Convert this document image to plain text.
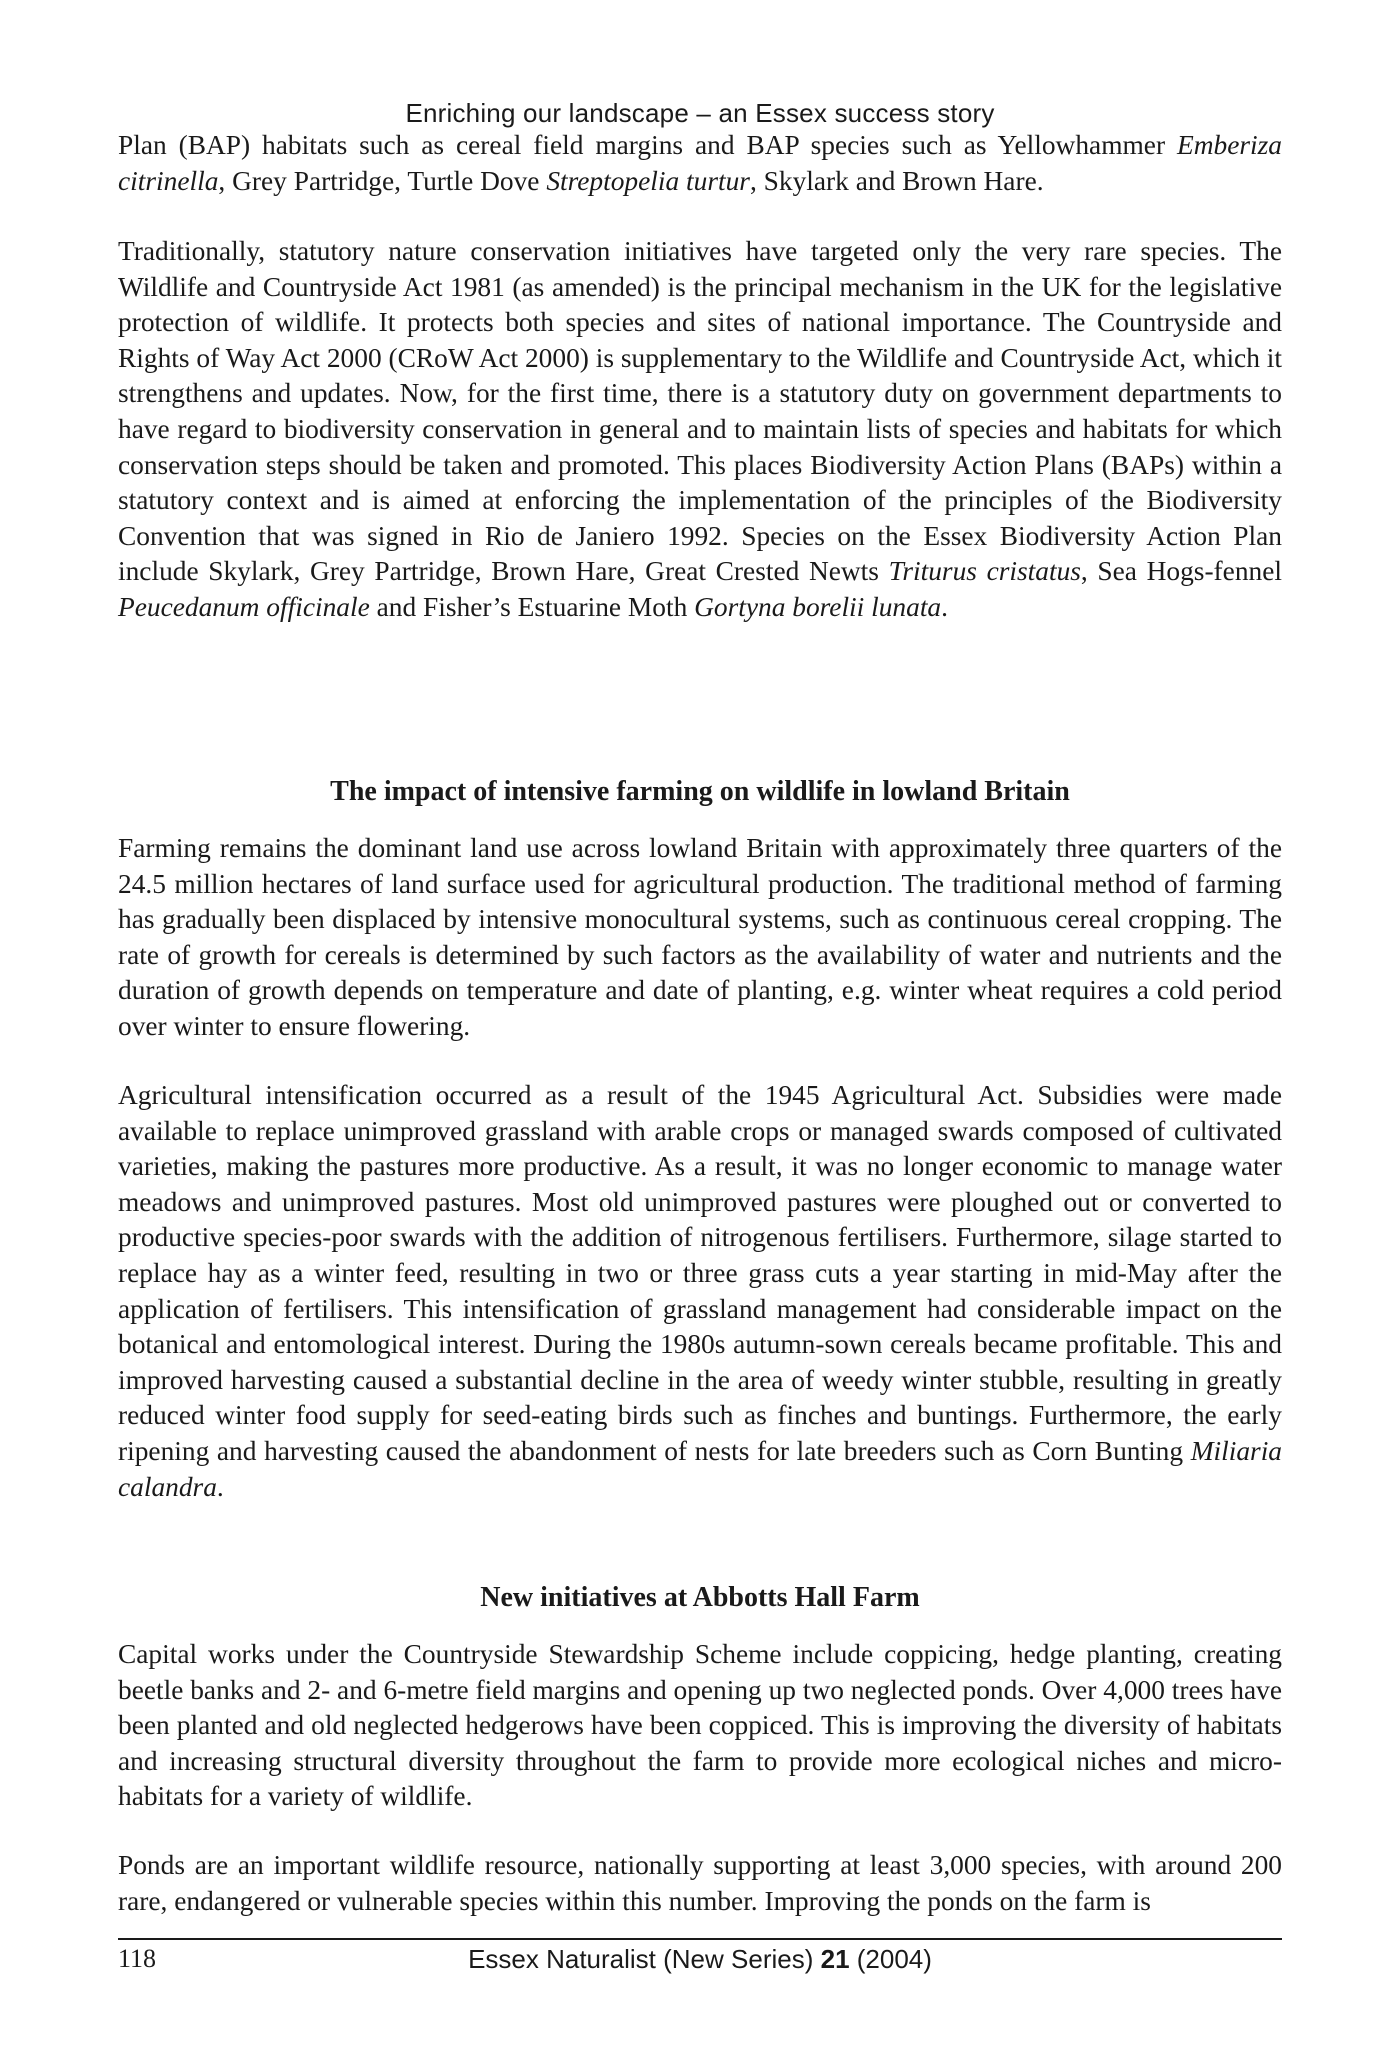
Enriching our landscape – an Essex success story

Plan (BAP) habitats such as cereal field margins and BAP species such as Yellowhammer Emberiza citrinella, Grey Partridge, Turtle Dove Streptopelia turtur, Skylark and Brown Hare.

Traditionally, statutory nature conservation initiatives have targeted only the very rare species. The Wildlife and Countryside Act 1981 (as amended) is the principal mechanism in the UK for the legislative protection of wildlife. It protects both species and sites of national importance. The Countryside and Rights of Way Act 2000 (CRoW Act 2000) is supplementary to the Wildlife and Countryside Act, which it strengthens and updates. Now, for the first time, there is a statutory duty on government departments to have regard to biodiversity conservation in general and to maintain lists of species and habitats for which conservation steps should be taken and promoted. This places Biodiversity Action Plans (BAPs) within a statutory context and is aimed at enforcing the implementation of the principles of the Biodiversity Convention that was signed in Rio de Janiero 1992. Species on the Essex Biodiversity Action Plan include Skylark, Grey Partridge, Brown Hare, Great Crested Newts Triturus cristatus, Sea Hogs-fennel Peucedanum officinale and Fisher’s Estuarine Moth Gortyna borelii lunata.

The impact of intensive farming on wildlife in lowland Britain

Farming remains the dominant land use across lowland Britain with approximately three quarters of the 24.5 million hectares of land surface used for agricultural production. The traditional method of farming has gradually been displaced by intensive monocultural systems, such as continuous cereal cropping. The rate of growth for cereals is determined by such factors as the availability of water and nutrients and the duration of growth depends on temperature and date of planting, e.g. winter wheat requires a cold period over winter to ensure flowering.

Agricultural intensification occurred as a result of the 1945 Agricultural Act. Subsidies were made available to replace unimproved grassland with arable crops or managed swards composed of cultivated varieties, making the pastures more productive. As a result, it was no longer economic to manage water meadows and unimproved pastures. Most old unimproved pastures were ploughed out or converted to productive species-poor swards with the addition of nitrogenous fertilisers. Furthermore, silage started to replace hay as a winter feed, resulting in two or three grass cuts a year starting in mid-May after the application of fertilisers. This intensification of grassland management had considerable impact on the botanical and entomological interest. During the 1980s autumn-sown cereals became profitable. This and improved harvesting caused a substantial decline in the area of weedy winter stubble, resulting in greatly reduced winter food supply for seed-eating birds such as finches and buntings. Furthermore, the early ripening and harvesting caused the abandonment of nests for late breeders such as Corn Bunting Miliaria calandra.

New initiatives at Abbotts Hall Farm

Capital works under the Countryside Stewardship Scheme include coppicing, hedge planting, creating beetle banks and 2- and 6-metre field margins and opening up two neglected ponds. Over 4,000 trees have been planted and old neglected hedgerows have been coppiced. This is improving the diversity of habitats and increasing structural diversity throughout the farm to provide more ecological niches and micro-habitats for a variety of wildlife.

Ponds are an important wildlife resource, nationally supporting at least 3,000 species, with around 200 rare, endangered or vulnerable species within this number. Improving the ponds on the farm is

118	Essex Naturalist (New Series) 21 (2004)
